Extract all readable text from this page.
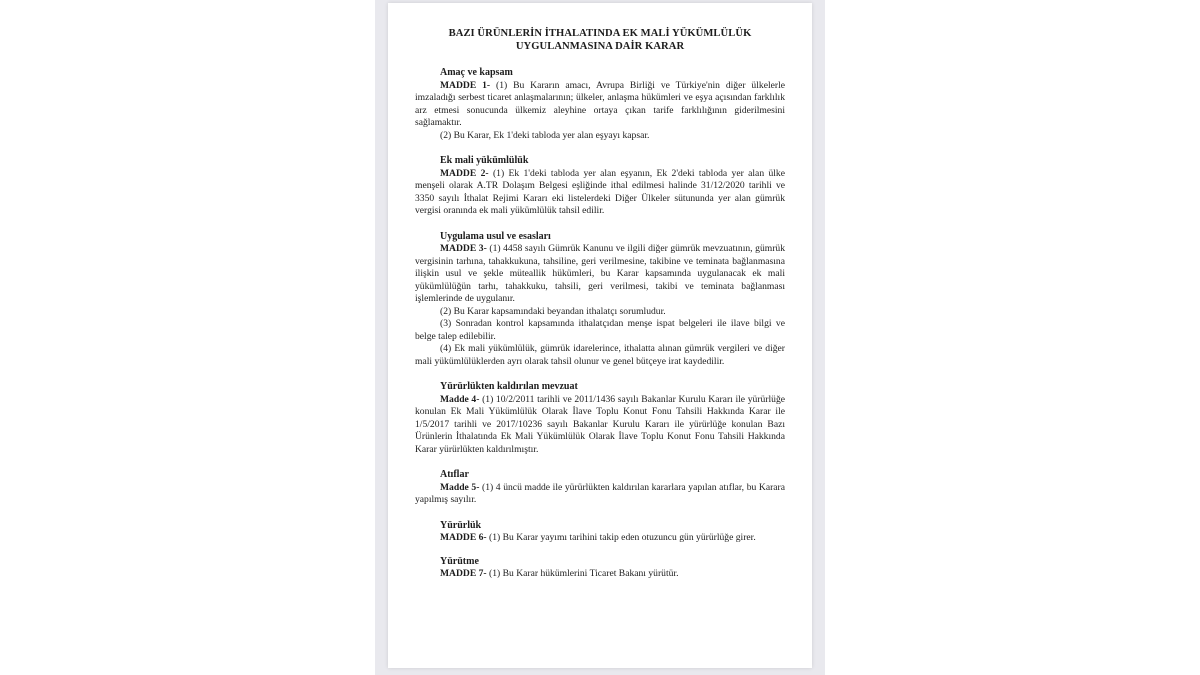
BAZI ÜRÜNLERİN İTHALATINDA EK MALİ YÜKÜMLÜLÜK
UYGULANMASINA DAİR KARAR

Amaç ve kapsam

MADDE 1- (1) Bu Kararın amacı, Avrupa Birliği ve Türkiye'nin diğer ülkelerle imzaladığı serbest ticaret anlaşmalarının; ülkeler, anlaşma hükümleri ve eşya açısından farklılık arz etmesi sonucunda ülkemiz aleyhine ortaya çıkan tarife farklılığının giderilmesini sağlamaktır.

(2) Bu Karar, Ek 1'deki tabloda yer alan eşyayı kapsar.

Ek mali yükümlülük

MADDE 2- (1) Ek 1'deki tabloda yer alan eşyanın, Ek 2'deki tabloda yer alan ülke menşeli olarak A.TR Dolaşım Belgesi eşliğinde ithal edilmesi halinde 31/12/2020 tarihli ve 3350 sayılı İthalat Rejimi Kararı eki listelerdeki Diğer Ülkeler sütununda yer alan gümrük vergisi oranında ek mali yükümlülük tahsil edilir.

Uygulama usul ve esasları

MADDE 3- (1) 4458 sayılı Gümrük Kanunu ve ilgili diğer gümrük mevzuatının, gümrük vergisinin tarhına, tahakkukuna, tahsiline, geri verilmesine, takibine ve teminata bağlanmasına ilişkin usul ve şekle müteallik hükümleri, bu Karar kapsamında uygulanacak ek mali yükümlülüğün tarhı, tahakkuku, tahsili, geri verilmesi, takibi ve teminata bağlanması işlemlerinde de uygulanır.

(2) Bu Karar kapsamındaki beyandan ithalatçı sorumludur.

(3) Sonradan kontrol kapsamında ithalatçıdan menşe ispat belgeleri ile ilave bilgi ve belge talep edilebilir.

(4) Ek mali yükümlülük, gümrük idarelerince, ithalatta alınan gümrük vergileri ve diğer mali yükümlülüklerden ayrı olarak tahsil olunur ve genel bütçeye irat kaydedilir.

Yürürlükten kaldırılan mevzuat

Madde 4- (1) 10/2/2011 tarihli ve 2011/1436 sayılı Bakanlar Kurulu Kararı ile yürürlüğe konulan Ek Mali Yükümlülük Olarak İlave Toplu Konut Fonu Tahsili Hakkında Karar ile 1/5/2017 tarihli ve 2017/10236 sayılı Bakanlar Kurulu Kararı ile yürürlüğe konulan Bazı Ürünlerin İthalatında Ek Mali Yükümlülük Olarak İlave Toplu Konut Fonu Tahsili Hakkında Karar yürürlükten kaldırılmıştır.

Atıflar

Madde 5- (1) 4 üncü madde ile yürürlükten kaldırılan kararlara yapılan atıflar, bu Karara yapılmış sayılır.

Yürürlük

MADDE 6- (1) Bu Karar yayımı tarihini takip eden otuzuncu gün yürürlüğe girer.

Yürütme

MADDE 7- (1) Bu Karar hükümlerini Ticaret Bakanı yürütür.
